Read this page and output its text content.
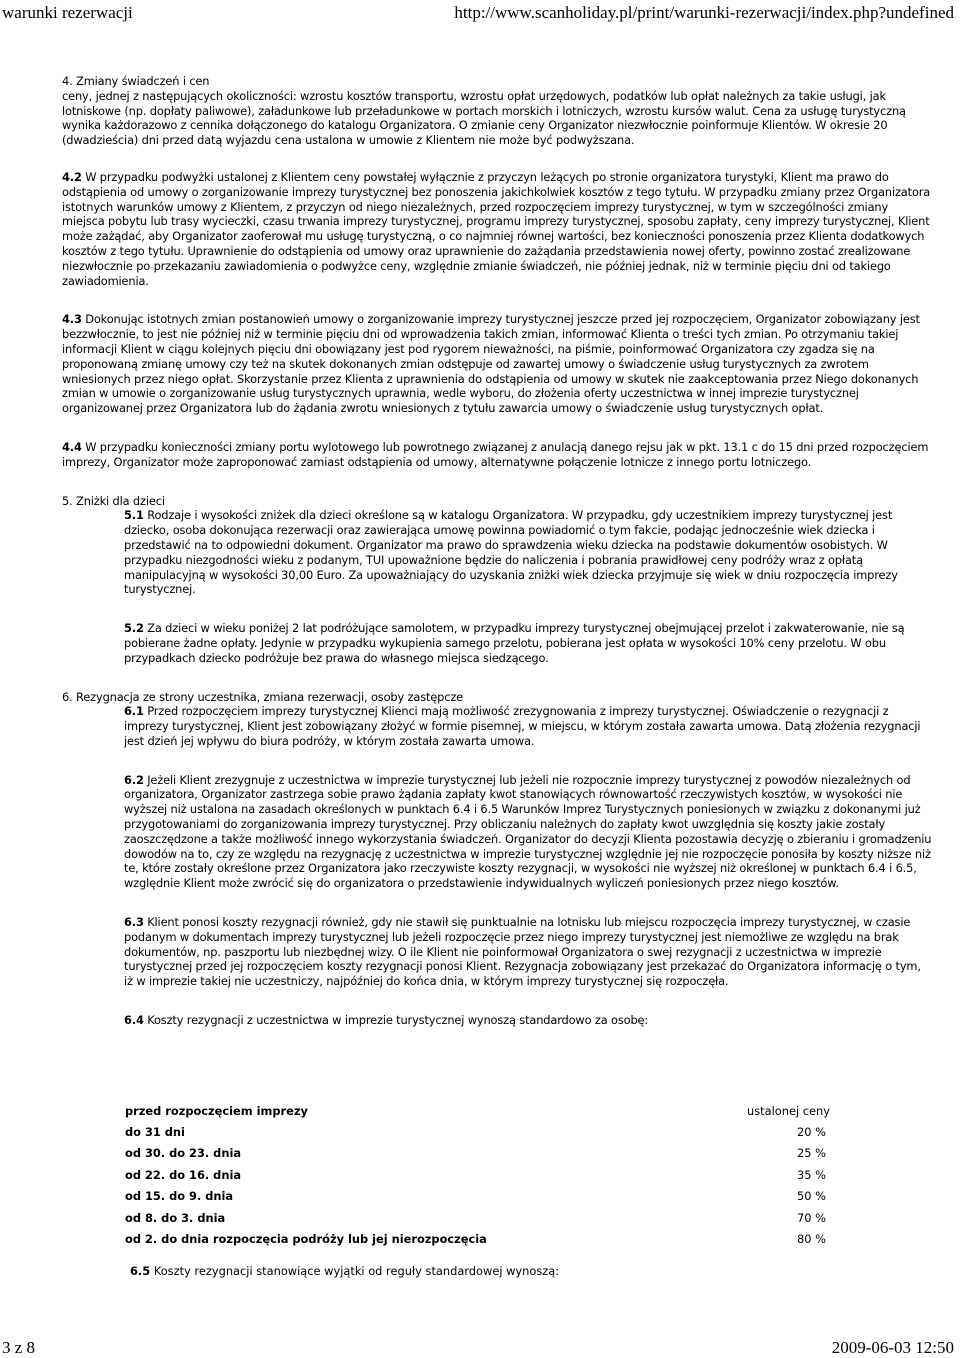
warunki rezerwacji	http://www.scanholiday.pl/print/warunki-rezerwacji/index.php?undefined

4. Zmiany świadczeń i cen

ceny, jednej z następujących okoliczności: wzrostu kosztów transportu, wzrostu opłat urzędowych, podatków lub opłat należnych za takie usługi, jak lotniskowe (np. dopłaty paliwowe), załadunkowe lub przeładunkowe w portach morskich i lotniczych, wzrostu kursów walut. Cena za usługę turystyczną wynika każdorazowo z cennika dołączonego do katalogu Organizatora. O zmianie ceny Organizator niezwłocznie poinformuje Klientów. W okresie 20 (dwadzieścia) dni przed datą wyjazdu cena ustalona w umowie z Klientem nie może być podwyższana.

4.2 W przypadku podwyżki ustalonej z Klientem ceny powstałej wyłącznie z przyczyn leżących po stronie organizatora turystyki, Klient ma prawo do odstąpienia od umowy o zorganizowanie imprezy turystycznej bez ponoszenia jakichkolwiek kosztów z tego tytułu. W przypadku zmiany przez Organizatora istotnych warunków umowy z Klientem, z przyczyn od niego niezależnych, przed rozpoczęciem imprezy turystycznej, w tym w szczególności zmiany miejsca pobytu lub trasy wycieczki, czasu trwania imprezy turystycznej, programu imprezy turystycznej, sposobu zapłaty, ceny imprezy turystycznej, Klient może zażądać, aby Organizator zaoferował mu usługę turystyczną, o co najmniej równej wartości, bez konieczności ponoszenia przez Klienta dodatkowych kosztów z tego tytułu. Uprawnienie do odstąpienia od umowy oraz uprawnienie do zażądania przedstawienia nowej oferty, powinno zostać zrealizowane niezwłocznie po przekazaniu zawiadomienia o podwyżce ceny, względnie zmianie świadczeń, nie później jednak, niż w terminie pięciu dni od takiego zawiadomienia.

4.3 Dokonując istotnych zmian postanowień umowy o zorganizowanie imprezy turystycznej jeszcze przed jej rozpoczęciem, Organizator zobowiązany jest bezzwłocznie, to jest nie później niż w terminie pięciu dni od wprowadzenia takich zmian, informować Klienta o treści tych zmian. Po otrzymaniu takiej informacji Klient w ciągu kolejnych pięciu dni obowiązany jest pod rygorem nieważności, na piśmie, poinformować Organizatora czy zgadza się na proponowaną zmianę umowy czy też na skutek dokonanych zmian odstępuje od zawartej umowy o świadczenie usług turystycznych za zwrotem wniesionych przez niego opłat. Skorzystanie przez Klienta z uprawnienia do odstąpienia od umowy w skutek nie zaakceptowania przez Niego dokonanych zmian w umowie o zorganizowanie usług turystycznych uprawnia, wedle wyboru, do złożenia oferty uczestnictwa w innej imprezie turystycznej organizowanej przez Organizatora lub do żądania zwrotu wniesionych z tytułu zawarcia umowy o świadczenie usług turystycznych opłat.

4.4 W przypadku konieczności zmiany portu wylotowego lub powrotnego związanej z anulacją danego rejsu jak w pkt. 13.1 c do 15 dni przed rozpoczęciem imprezy, Organizator może zaproponować zamiast odstąpienia od umowy, alternatywne połączenie lotnicze z innego portu lotniczego.

5. Zniżki dla dzieci

5.1 Rodzaje i wysokości zniżek dla dzieci określone są w katalogu Organizatora. W przypadku, gdy uczestnikiem imprezy turystycznej jest dziecko, osoba dokonująca rezerwacji oraz zawierająca umowę powinna powiadomić o tym fakcie, podając jednocześnie wiek dziecka i przedstawić na to odpowiedni dokument. Organizator ma prawo do sprawdzenia wieku dziecka na podstawie dokumentów osobistych. W przypadku niezgodności wieku z podanym, TUI upoważnione będzie do naliczenia i pobrania prawidłowej ceny podróży wraz z opłatą manipulacyjną w wysokości 30,00 Euro. Za upoważniający do uzyskania zniżki wiek dziecka przyjmuje się wiek w dniu rozpoczęcia imprezy turystycznej.

5.2 Za dzieci w wieku poniżej 2 lat podróżujące samolotem, w przypadku imprezy turystycznej obejmującej przelot i zakwaterowanie, nie są pobierane żadne opłaty. Jedynie w przypadku wykupienia samego przelotu, pobierana jest opłata w wysokości 10% ceny przelotu. W obu przypadkach dziecko podróżuje bez prawa do własnego miejsca siedzącego.

6. Rezygnacja ze strony uczestnika, zmiana rezerwacji, osoby zastępcze

6.1 Przed rozpoczęciem imprezy turystycznej Klienci mają możliwość zrezygnowania z imprezy turystycznej. Oświadczenie o rezygnacji z imprezy turystycznej, Klient jest zobowiązany złożyć w formie pisemnej, w miejscu, w którym została zawarta umowa. Datą złożenia rezygnacji jest dzień jej wpływu do biura podróży, w którym została zawarta umowa.

6.2 Jeżeli Klient zrezygnuje z uczestnictwa w imprezie turystycznej lub jeżeli nie rozpocznie imprezy turystycznej z powodów niezależnych od organizatora, Organizator zastrzega sobie prawo żądania zapłaty kwot stanowiących równowartość rzeczywistych kosztów, w wysokości nie wyższej niż ustalona na zasadach określonych w punktach 6.4 i 6.5 Warunków Imprez Turystycznych poniesionych w związku z dokonanymi już przygotowaniami do zorganizowania imprezy turystycznej. Przy obliczaniu należnych do zapłaty kwot uwzględnia się koszty jakie zostały zaoszczędzone a także możliwość innego wykorzystania świadczeń. Organizator do decyzji Klienta pozostawia decyzję o zbieraniu i gromadzeniu dowodów na to, czy ze względu na rezygnację z uczestnictwa w imprezie turystycznej względnie jej nie rozpoczęcie ponosiła by koszty niższe niż te, które zostały określone przez Organizatora jako rzeczywiste koszty rezygnacji, w wysokości nie wyższej niż określonej w punktach 6.4 i 6.5, względnie Klient może zwrócić się do organizatora o przedstawienie indywidualnych wyliczeń poniesionych przez niego kosztów.

6.3 Klient ponosi koszty rezygnacji również, gdy nie stawił się punktualnie na lotnisku lub miejscu rozpoczęcia imprezy turystycznej, w czasie podanym w dokumentach imprezy turystycznej lub jeżeli rozpoczęcie przez niego imprezy turystycznej jest niemożliwe ze względu na brak dokumentów, np. paszportu lub niezbędnej wizy. O ile Klient nie poinformował Organizatora o swej rezygnacji z uczestnictwa w imprezie turystycznej przed jej rozpoczęciem koszty rezygnacji ponosi Klient. Rezygnacja zobowiązany jest przekazać do Organizatora informację o tym, iż w imprezie takiej nie uczestniczy, najpóźniej do końca dnia, w którym imprezy turystycznej się rozpoczęła.

6.4 Koszty rezygnacji z uczestnictwa w imprezie turystycznej wynoszą standardowo za osobę:

przed rozpoczęciem imprezy	ustalonej ceny
do 31 dni	20 %
od 30. do 23. dnia	25 %
od 22. do 16. dnia	35 %
od 15. do 9. dnia	50 %
od 8. do 3. dnia	70 %
od 2. do dnia rozpoczęcia podróży lub jej nierozpoczęcia	80 %

6.5 Koszty rezygnacji stanowiące wyjątki od reguły standardowej wynoszą:

3 z 8	2009-06-03 12:50
